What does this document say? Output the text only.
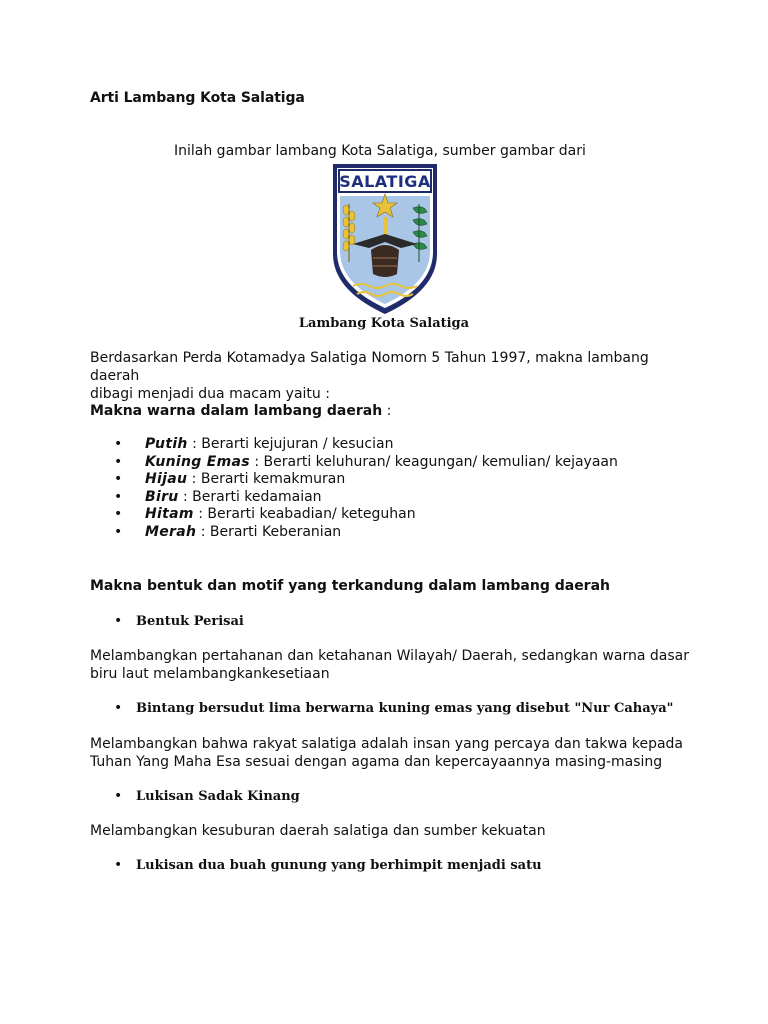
Arti Lambang Kota Salatiga
Inilah gambar lambang Kota Salatiga, sumber gambar dari
SALATIGA
Lambang Kota Salatiga
Berdasarkan Perda Kotamadya Salatiga Nomorn 5 Tahun 1997, makna lambang daerah
dibagi menjadi dua macam yaitu :
Makna warna dalam lambang daerah :
• Putih : Berarti kejujuran / kesucian
• Kuning Emas : Berarti keluhuran/ keagungan/ kemulian/ kejayaan
• Hijau : Berarti kemakmuran
• Biru : Berarti kedamaian
• Hitam : Berarti keabadian/ keteguhan
• Merah : Berarti Keberanian
Makna bentuk dan motif yang terkandung dalam lambang daerah
• Bentuk Perisai
Melambangkan pertahanan dan ketahanan Wilayah/ Daerah, sedangkan warna dasar
biru laut melambangkankesetiaan
• Bintang bersudut lima berwarna kuning emas yang disebut "Nur Cahaya"
Melambangkan bahwa rakyat salatiga adalah insan yang percaya dan takwa kepada
Tuhan Yang Maha Esa sesuai dengan agama dan kepercayaannya masing-masing
• Lukisan Sadak Kinang
Melambangkan kesuburan daerah salatiga dan sumber kekuatan
• Lukisan dua buah gunung yang berhimpit menjadi satu
